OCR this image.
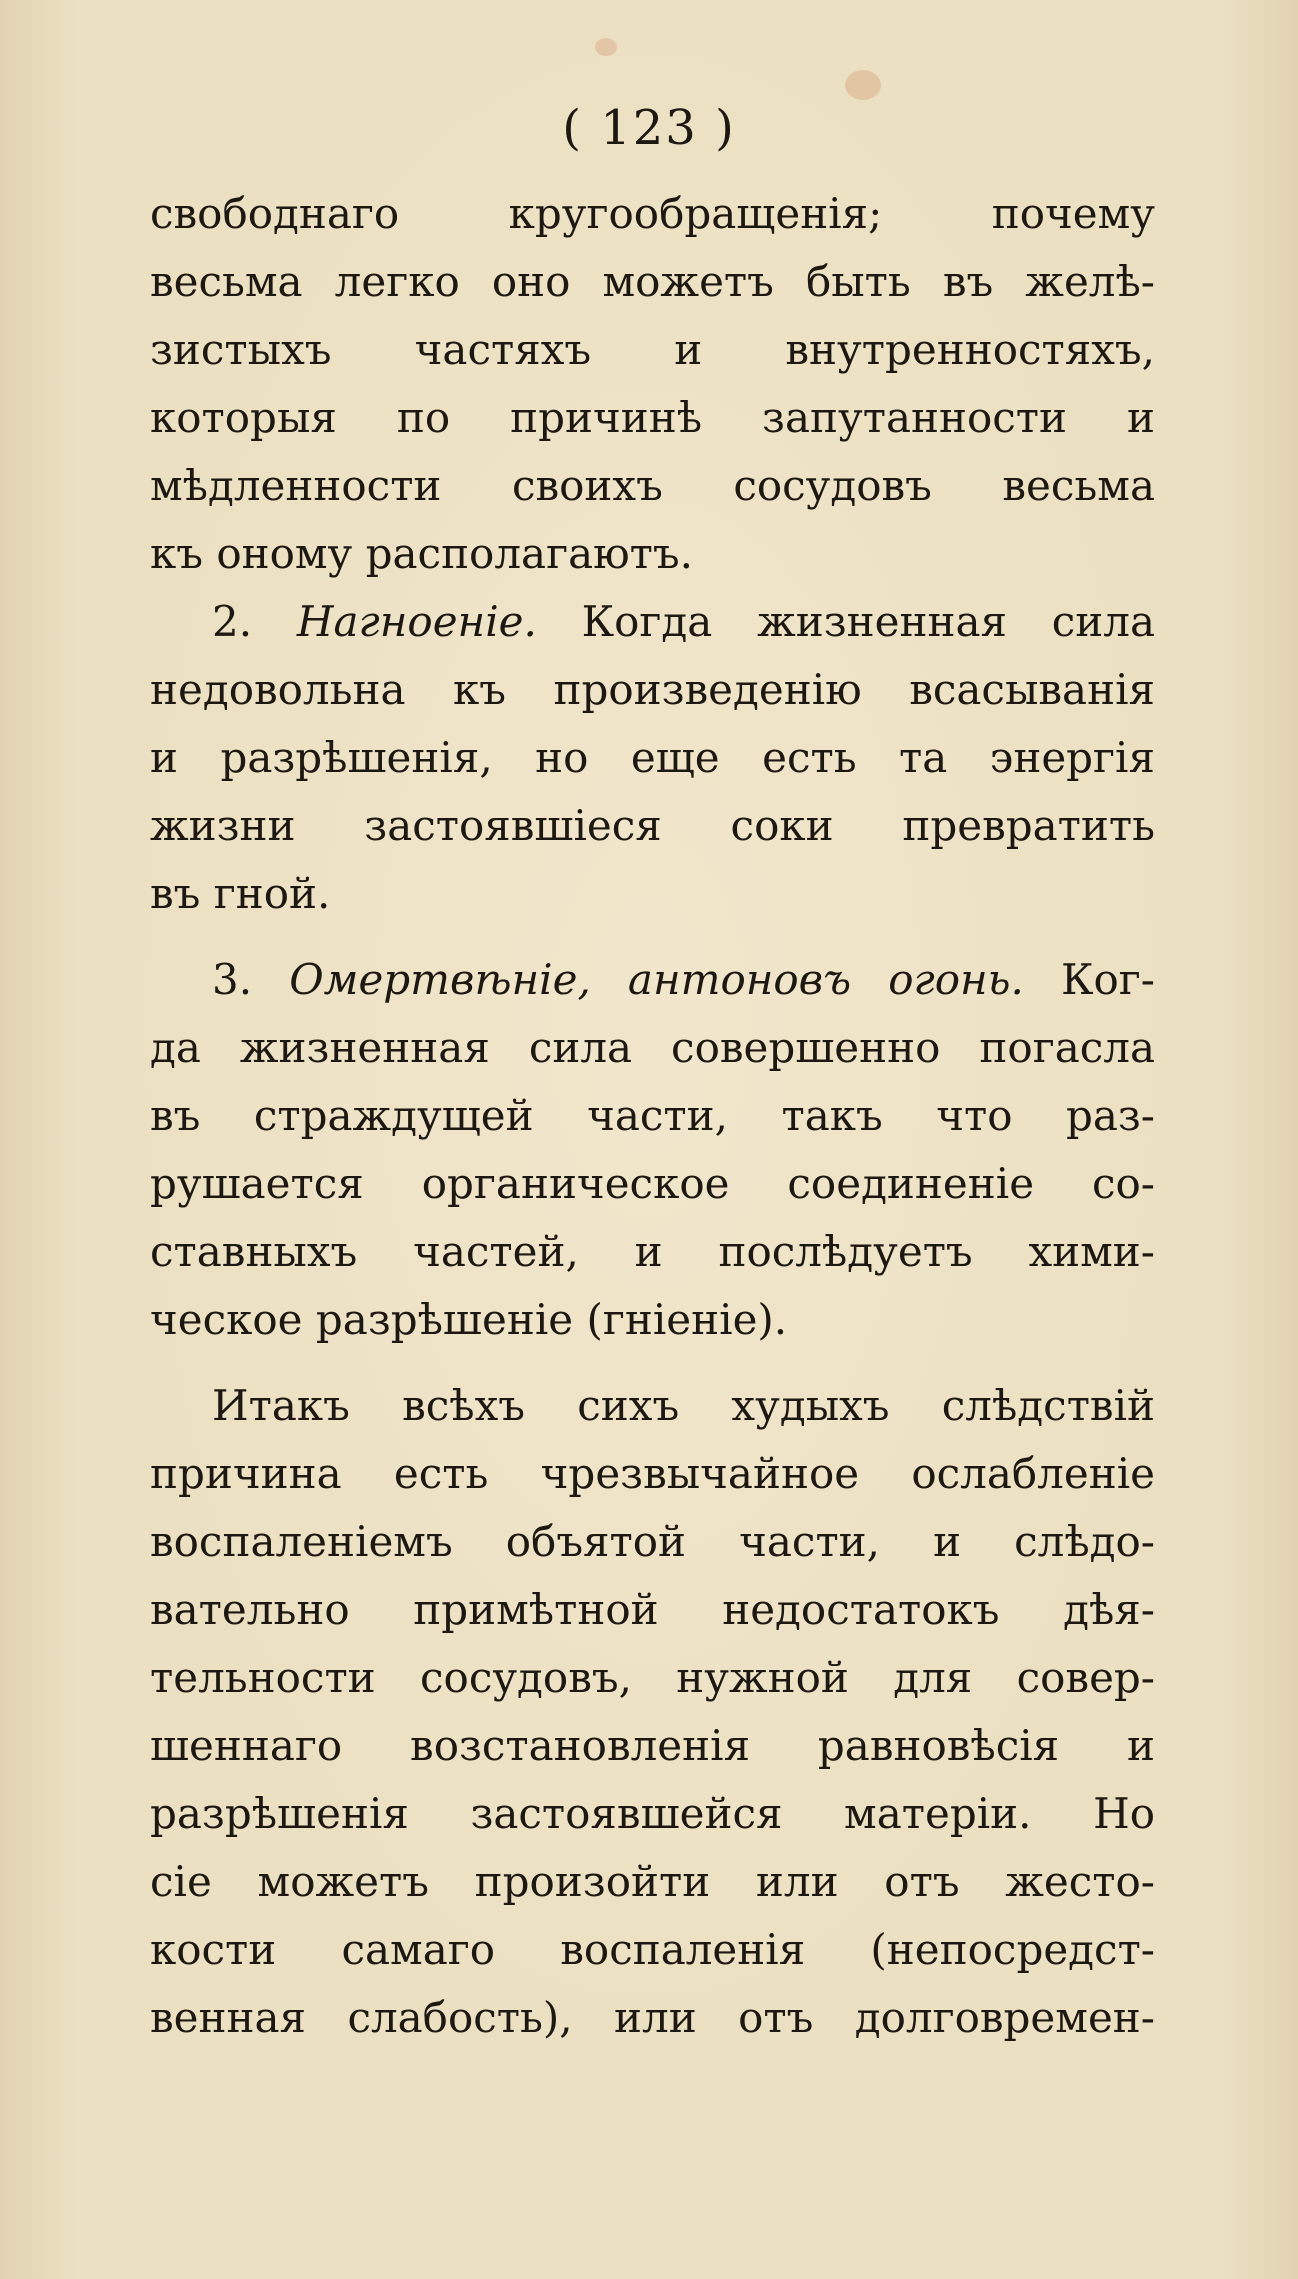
( 123 )
свободнаго кругообращенія; почему
весьма легко оно можетъ быть въ желѣ-
зистыхъ частяхъ и внутренностяхъ,
которыя по причинѣ запутанности и
мѣдленности своихъ сосудовъ весьма
къ оному располагаютъ.
2. Нагноеніе. Когда жизненная сила
недовольна къ произведенію всасыванія
и разрѣшенія, но еще есть та энергія
жизни застоявшіеся соки превратить
въ гной.
3. Омертвѣніе, антоновъ огонь. Ког-
да жизненная сила совершенно погасла
въ страждущей части, такъ что раз-
рушается органическое соединеніе со-
ставныхъ частей, и послѣдуетъ хими-
ческое разрѣшеніе (гніеніе).
Итакъ всѣхъ сихъ худыхъ слѣдствій
причина есть чрезвычайное ослабленіе
воспаленіемъ объятой части, и слѣдо-
вательно примѣтной недостатокъ дѣя-
тельности сосудовъ, нужной для совер-
шеннаго возстановленія равновѣсія и
разрѣшенія застоявшейся матеріи. Но
сіе можетъ произойти или отъ жесто-
кости самаго воспаленія (непосредст-
венная слабость), или отъ долговремен-
